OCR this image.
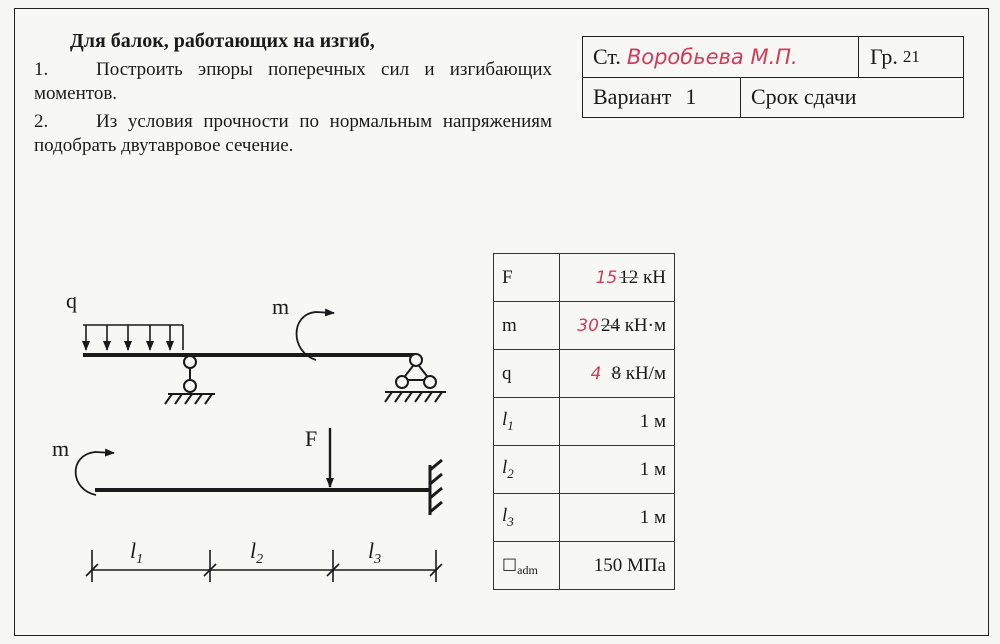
Для балок, работающих на изгиб,
1.	Построить эпюры поперечных сил и изгибающих моментов.
2.	Из условия прочности по нормальным напряжениям подобрать двутавровое сечение.
Ст. Воробьева М.П.	Гр. 21
Вариант 1 Срок сдачи
F	15 12 кН
m	30 24 кН·м
q	4 8 кН/м
$l_1$	1 м
$l_2$	1 м
$l_3$	1 м
$□_{adm}$	150 МПа
q	m
m	F
$l_1$	$l_2$	$l_3$
